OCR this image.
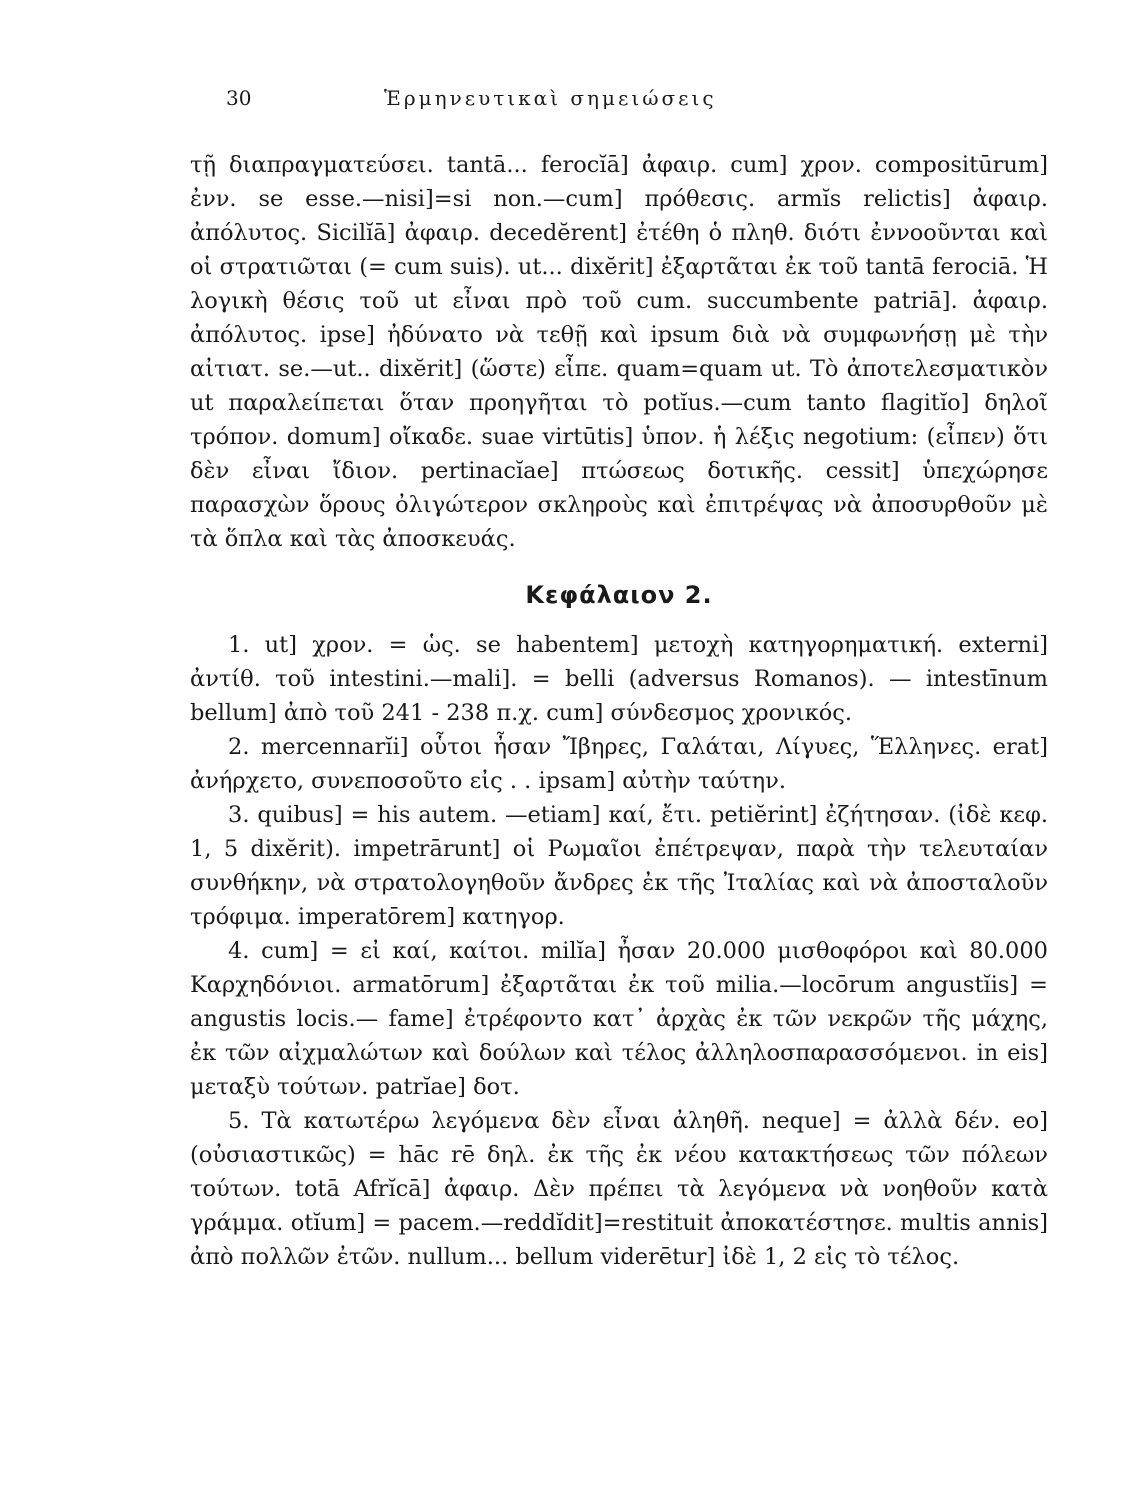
30	Ἑρμηνευτικαὶ σημειώσεις

τῇ διαπραγματεύσει. tantā... ferocĭā] ἀφαιρ. cum] χρον. compositūrum] ἐνν. se esse.—nisi]=si non.—cum] πρόθεσις. armĭs relictis] ἀφαιρ. ἀπόλυτος. Sicilĭā] ἀφαιρ. decedĕrent] ἐτέθη ὁ πληθ. διότι ἐννοοῦνται καὶ οἱ στρατιῶται (= cum suis). ut... dixĕrit] ἐξαρτᾶται ἐκ τοῦ tantā ferociā. Ἡ λογικὴ θέσις τοῦ ut εἶναι πρὸ τοῦ cum. succumbente patriā]. ἀφαιρ. ἀπόλυτος. ipse] ἠδύνατο νὰ τεθῇ καὶ ipsum διὰ νὰ συμφωνήσῃ μὲ τὴν αἰτιατ. se.—ut.. dixĕrit] (ὥστε) εἶπε. quam=quam ut. Τὸ ἀποτελεσματικὸν ut παραλείπεται ὅταν προηγῆται τὸ potĭus.—cum tanto flagitĭo] δηλοῖ τρόπον. domum] οἴκαδε. suae virtūtis] ὑπον. ἡ λέξις negotium: (εἶπεν) ὅτι δὲν εἶναι ἴδιον. pertinacĭae] πτώσεως δοτικῆς. cessit] ὑπεχώρησε παρασχὼν ὅρους ὀλιγώτερον σκληροὺς καὶ ἐπιτρέψας νὰ ἀποσυρθοῦν μὲ τὰ ὅπλα καὶ τὰς ἀποσκευάς.

Κεφάλαιον 2.

1. ut] χρον. = ὡς. se habentem] μετοχὴ κατηγορηματική. externi] ἀντίθ. τοῦ intestini.—mali]. = belli (adversus Romanos). — intestīnum bellum] ἀπὸ τοῦ 241 - 238 π.χ. cum] σύνδεσμος χρονικός.

2. mercennarĭi] οὗτοι ἦσαν Ἴβηρες, Γαλάται, Λίγυες, Ἕλληνες. erat] ἀνήρχετο, συνεποσοῦτο εἰς . . ipsam] αὐτὴν ταύτην.

3. quibus] = his autem. —etiam] καί, ἔτι. petiĕrint] ἐζήτησαν. (ἰδὲ κεφ. 1, 5 dixĕrit). impetrārunt] οἱ Ρωμαῖοι ἐπέτρεψαν, παρὰ τὴν τελευταίαν συνθήκην, νὰ στρατολογηθοῦν ἄνδρες ἐκ τῆς Ἰταλίας καὶ νὰ ἀποσταλοῦν τρόφιμα. imperatōrem] κατηγορ.

4. cum] = εἰ καί, καίτοι. milĭa] ἦσαν 20.000 μισθοφόροι καὶ 80.000 Καρχηδόνιοι. armatōrum] ἐξαρτᾶται ἐκ τοῦ milia.—locōrum angustĭis] = angustis locis.— fame] ἐτρέφοντο κατ᾽ ἀρχὰς ἐκ τῶν νεκρῶν τῆς μάχης, ἐκ τῶν αἰχμαλώτων καὶ δούλων καὶ τέλος ἀλληλοσπαρασσόμενοι. in eis] μεταξὺ τούτων. patrĭae] δοτ.

5. Τὰ κατωτέρω λεγόμενα δὲν εἶναι ἀληθῆ. neque] = ἀλλὰ δέν. eo] (οὐσιαστικῶς) = hāc rē δηλ. ἐκ τῆς ἐκ νέου κατακτήσεως τῶν πόλεων τούτων. totā Afrĭcā] ἀφαιρ. Δὲν πρέπει τὰ λεγόμενα νὰ νοηθοῦν κατὰ γράμμα. otĭum] = pacem.—reddĭdit]=restituit ἀποκατέστησε. multis annis] ἀπὸ πολλῶν ἐτῶν. nullum... bellum viderētur] ἰδὲ 1, 2 εἰς τὸ τέλος.
